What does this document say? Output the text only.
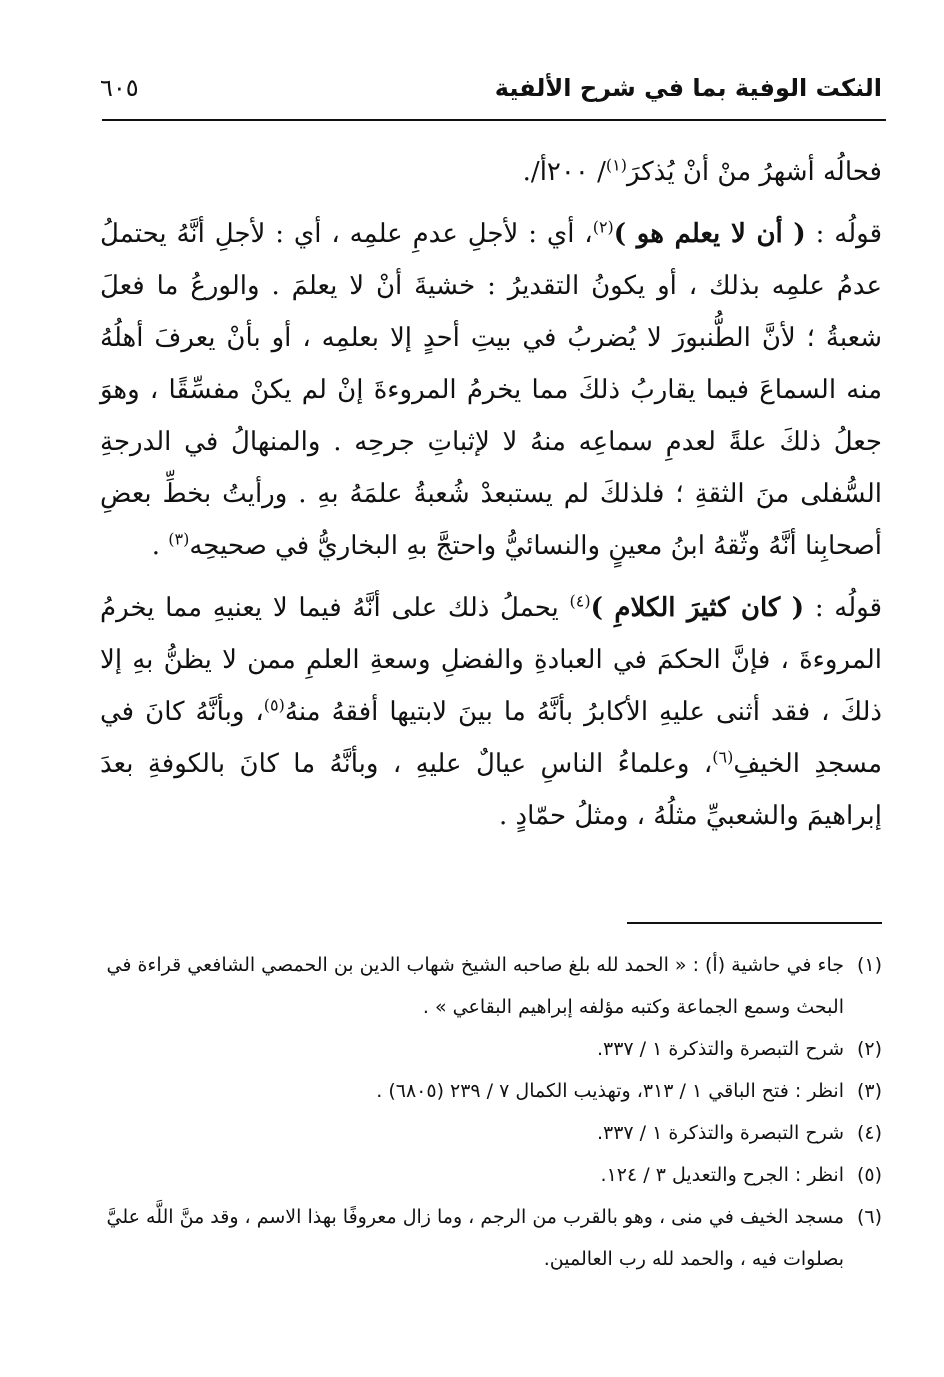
النكت الوفية بما في شرح الألفية
٦٠٥

فحالُه أشهرُ منْ أنْ يُذكرَ$^{(١)}$/ ٢٠٠أ/.

قولُه : ( أن لا يعلم هو )$^{(٢)}$، أي : لأجلِ عدمِ علمِه ، أي : لأجلِ أنَّهُ يحتملُ عدمُ علمِه بذلك ، أو يكونُ التقديرُ : خشيةَ أنْ لا يعلمَ . والورعُ ما فعلَ شعبةُ ؛ لأنَّ الطُّنبورَ لا يُضربُ في بيتِ أحدٍ إلا بعلمِه ، أو بأنْ يعرفَ أهلُهُ منه السماعَ فيما يقاربُ ذلكَ مما يخرمُ المروءةَ إنْ لم يكنْ مفسِّقًا ، وهوَ جعلُ ذلكَ علةً لعدمِ سماعِه منهُ لا لإثباتِ جرحِه . والمنهالُ في الدرجةِ السُّفلى منَ الثقةِ ؛ فلذلكَ لم يستبعدْ شُعبةُ علمَهُ بهِ . ورأيتُ بخطِّ بعضِ أصحابِنا أنَّهُ وثّقهُ ابنُ معينٍ والنسائيُّ واحتجَّ بهِ البخاريُّ في صحيحِه$^{(٣)}$ .

قولُه : ( كان كثيرَ الكلامِ )$^{(٤)}$ يحملُ ذلك على أنَّهُ فيما لا يعنيهِ مما يخرمُ المروءةَ ، فإنَّ الحكمَ في العبادةِ والفضلِ وسعةِ العلمِ ممن لا يظنُّ بهِ إلا ذلكَ ، فقد أثنى عليهِ الأكابرُ بأنَّهُ ما بينَ لابتيها أفقهُ منهُ$^{(٥)}$، وبأنَّهُ كانَ في مسجدِ الخيفِ$^{(٦)}$، وعلماءُ الناسِ عيالٌ عليهِ ، وبأنَّهُ ما كانَ بالكوفةِ بعدَ إبراهيمَ والشعبيِّ مثلُهُ ، ومثلُ حمّادٍ .

(١)
جاء في حاشية (أ) : « الحمد لله بلغ صاحبه الشيخ شهاب الدين بن الحمصي الشافعي قراءة في البحث وسمع الجماعة وكتبه مؤلفه إبراهيم البقاعي » .

(٢)
شرح التبصرة والتذكرة ١ / ٣٣٧.

(٣)
انظر : فتح الباقي ١ / ٣١٣، وتهذيب الكمال ٧ / ٢٣٩ (٦٨٠٥) .

(٤)
شرح التبصرة والتذكرة ١ / ٣٣٧.

(٥)
انظر : الجرح والتعديل ٣ / ١٢٤.

(٦)
مسجد الخيف في منى ، وهو بالقرب من الرجم ، وما زال معروفًا بهذا الاسم ، وقد منَّ اللَّه عليَّ بصلوات فيه ، والحمد لله رب العالمين.
